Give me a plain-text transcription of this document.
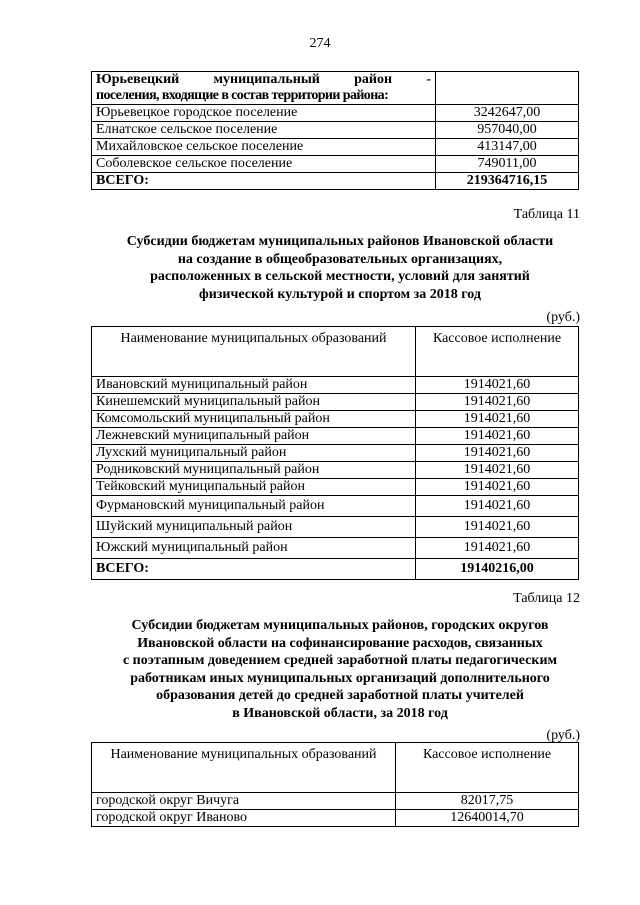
274
Юрьевецкий муниципальный район -
поселения, входящие в состав территории района:	

Юрьевецкое городское поселение	3242647,00
Елнатское сельское поселение	957040,00
Михайловское сельское поселение	413147,00
Соболевское сельское поселение	749011,00
ВСЕГО:	219364716,15
Таблица 11
Субсидии бюджетам муниципальных районов Ивановской области
на создание в общеобразовательных организациях,
расположенных в сельской местности, условий для занятий
физической культурой и спортом за 2018 год
(руб.)
Наименование муниципальных образований	Кассовое исполнение
Ивановский муниципальный район	1914021,60
Кинешемский муниципальный район	1914021,60
Комсомольский муниципальный район	1914021,60
Лежневский муниципальный район	1914021,60
Лухский муниципальный район	1914021,60
Родниковский муниципальный район	1914021,60
Тейковский муниципальный район	1914021,60
Фурмановский муниципальный район	1914021,60
Шуйский муниципальный район	1914021,60
Южский муниципальный район	1914021,60
ВСЕГО:	19140216,00
Таблица 12
Субсидии бюджетам муниципальных районов, городских округов
Ивановской области на софинансирование расходов, связанных
с поэтапным доведением средней заработной платы педагогическим
работникам иных муниципальных организаций дополнительного
образования детей до средней заработной платы учителей
в Ивановской области, за 2018 год
(руб.)
Наименование муниципальных образований	Кассовое исполнение
городской округ Вичуга	82017,75
городской округ Иваново	12640014,70
